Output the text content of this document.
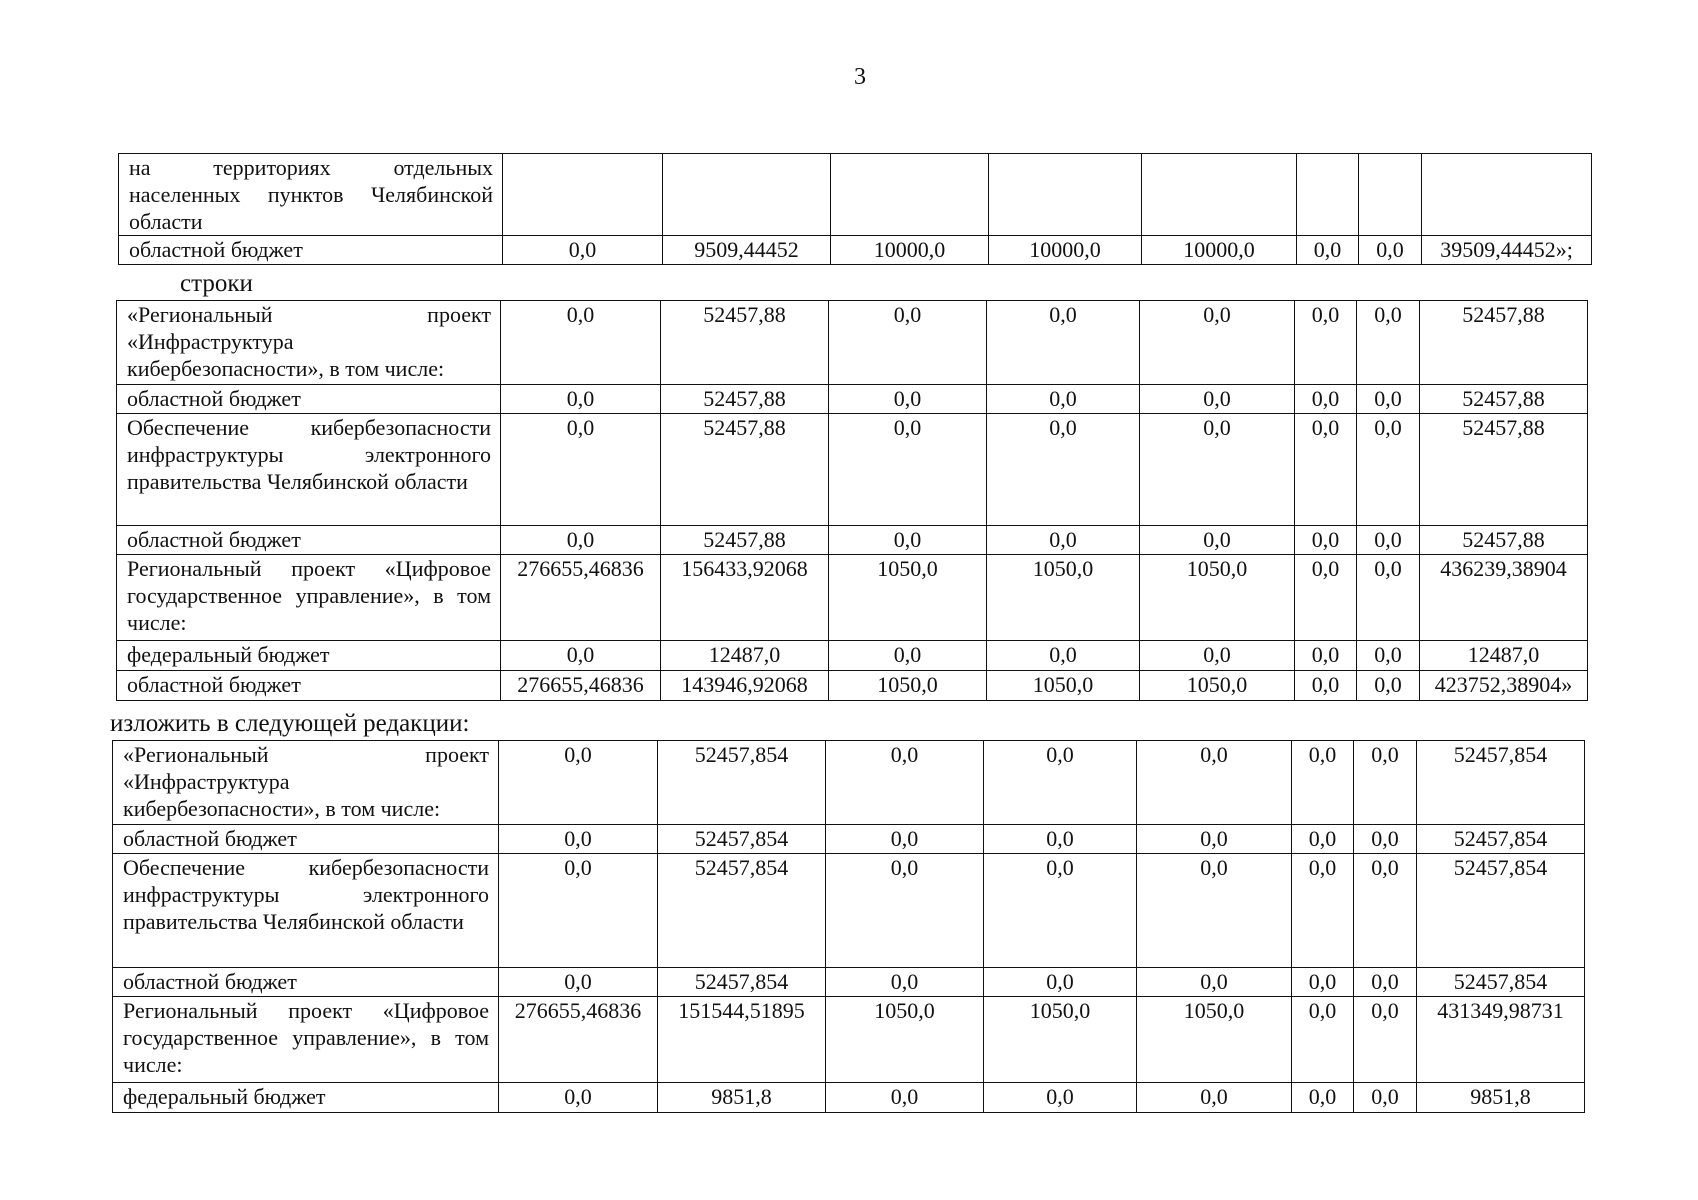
3
на территориях отдельных населенных пунктов Челябинской области								
областной бюджет	0,0	9509,44452	10000,0	10000,0	10000,0	0,0	0,0	39509,44452»;
строки
«Региональный проект «Инфраструктура кибербезопасности», в том числе:	0,0	52457,88	0,0	0,0	0,0	0,0	0,0	52457,88
областной бюджет	0,0	52457,88	0,0	0,0	0,0	0,0	0,0	52457,88
Обеспечение кибербезопасности инфраструктуры электронного правительства Челябинской области	0,0	52457,88	0,0	0,0	0,0	0,0	0,0	52457,88
областной бюджет	0,0	52457,88	0,0	0,0	0,0	0,0	0,0	52457,88
Региональный проект «Цифровое государственное управление», в том числе:	276655,46836	156433,92068	1050,0	1050,0	1050,0	0,0	0,0	436239,38904
федеральный бюджет	0,0	12487,0	0,0	0,0	0,0	0,0	0,0	12487,0
областной бюджет	276655,46836	143946,92068	1050,0	1050,0	1050,0	0,0	0,0	423752,38904»
изложить в следующей редакции:
«Региональный проект «Инфраструктура кибербезопасности», в том числе:	0,0	52457,854	0,0	0,0	0,0	0,0	0,0	52457,854
областной бюджет	0,0	52457,854	0,0	0,0	0,0	0,0	0,0	52457,854
Обеспечение кибербезопасности инфраструктуры электронного правительства Челябинской области	0,0	52457,854	0,0	0,0	0,0	0,0	0,0	52457,854
областной бюджет	0,0	52457,854	0,0	0,0	0,0	0,0	0,0	52457,854
Региональный проект «Цифровое государственное управление», в том числе:	276655,46836	151544,51895	1050,0	1050,0	1050,0	0,0	0,0	431349,98731
федеральный бюджет	0,0	9851,8	0,0	0,0	0,0	0,0	0,0	9851,8
